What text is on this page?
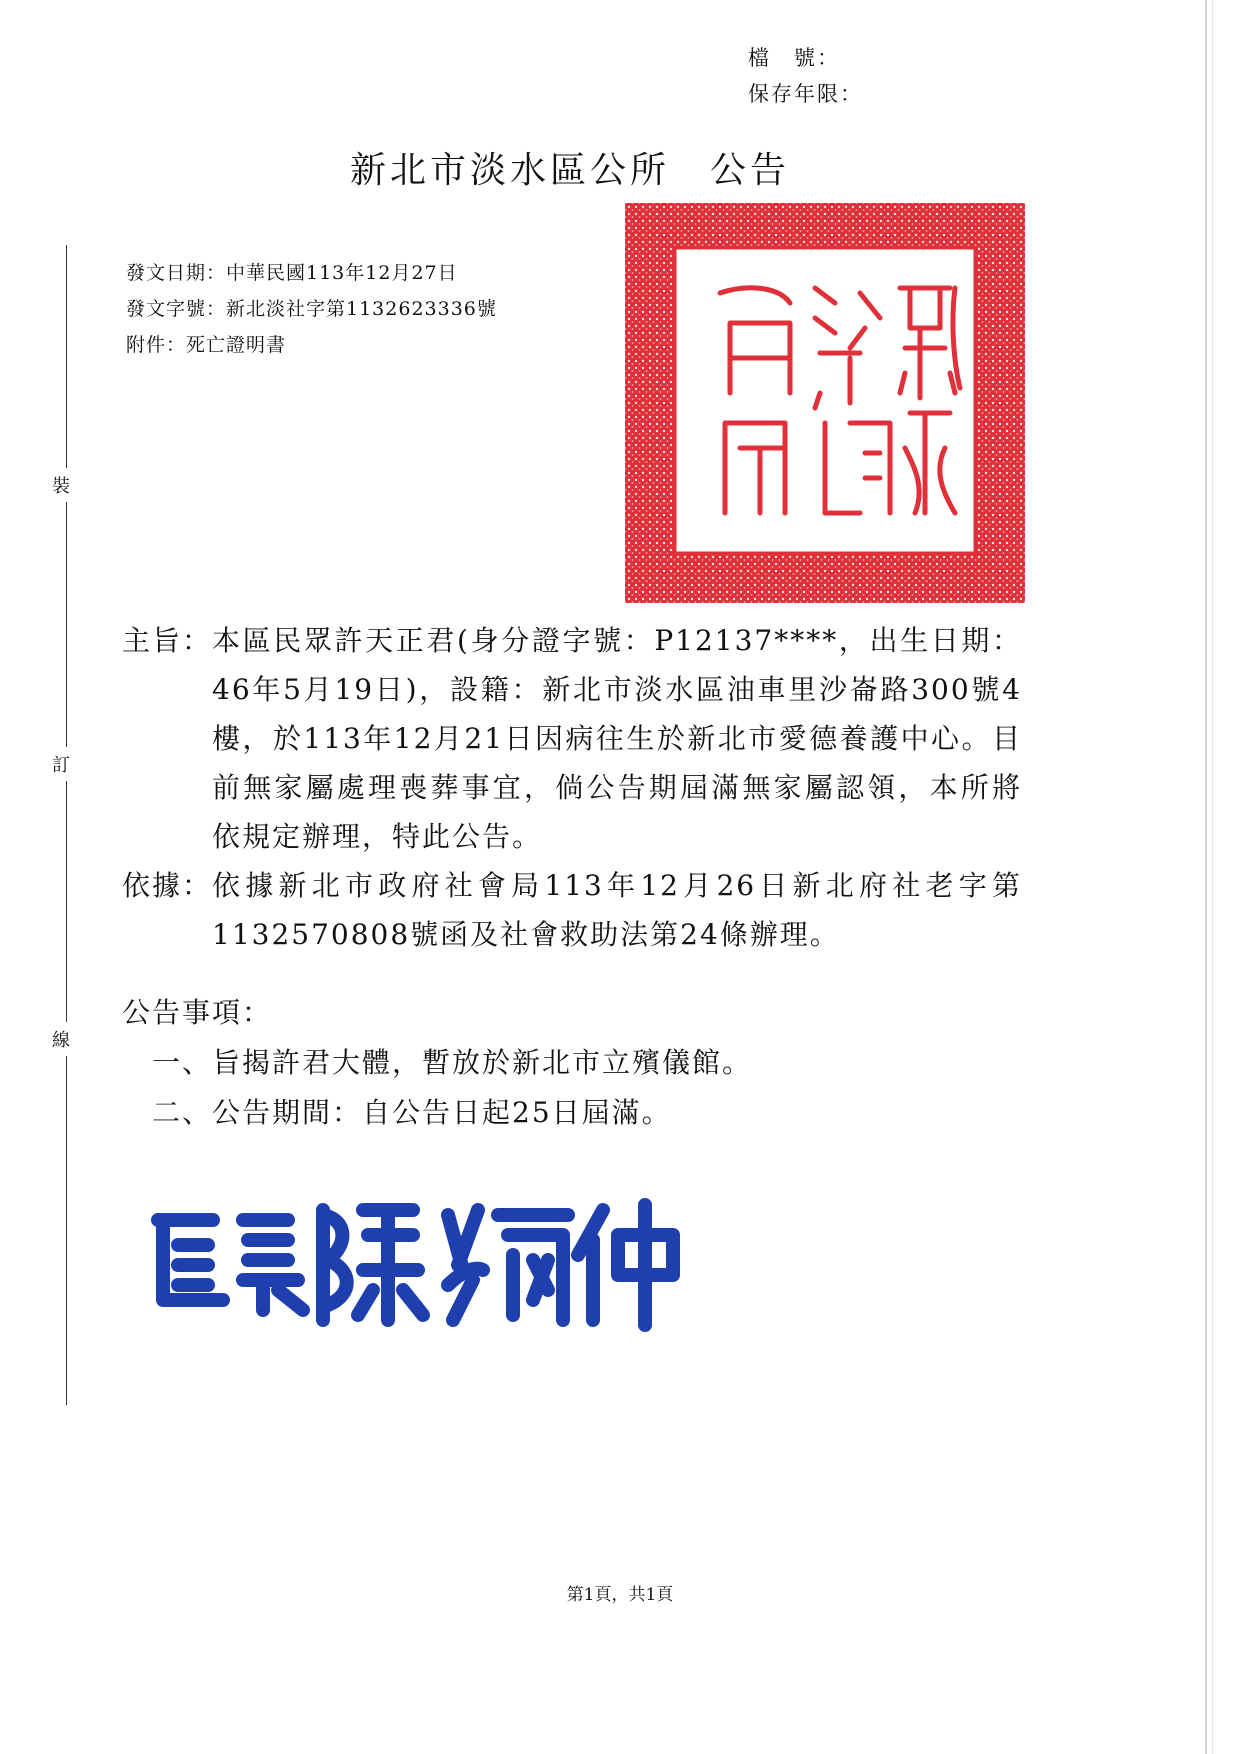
檔　號：
保存年限：
新北市淡水區公所 公告
裝
訂
線
發文日期：中華民國113年12月27日
發文字號：新北淡社字第1132623336號
附件：死亡證明書
主旨： 本區民眾許天正君(身分證字號：P12137****，出生日期：46年5月19日)，設籍：新北市淡水區油車里沙崙路300號4樓，於113年12月21日因病往生於新北市愛德養護中心。目前無家屬處理喪葬事宜，倘公告期屆滿無家屬認領，本所將依規定辦理，特此公告。
依據： 依據新北市政府社會局113年12月26日新北府社老字第1132570808號函及社會救助法第24條辦理。
公告事項：
一、旨揭許君大體，暫放於新北市立殯儀館。
二、公告期間：自公告日起25日屆滿。
第1頁，共1頁
